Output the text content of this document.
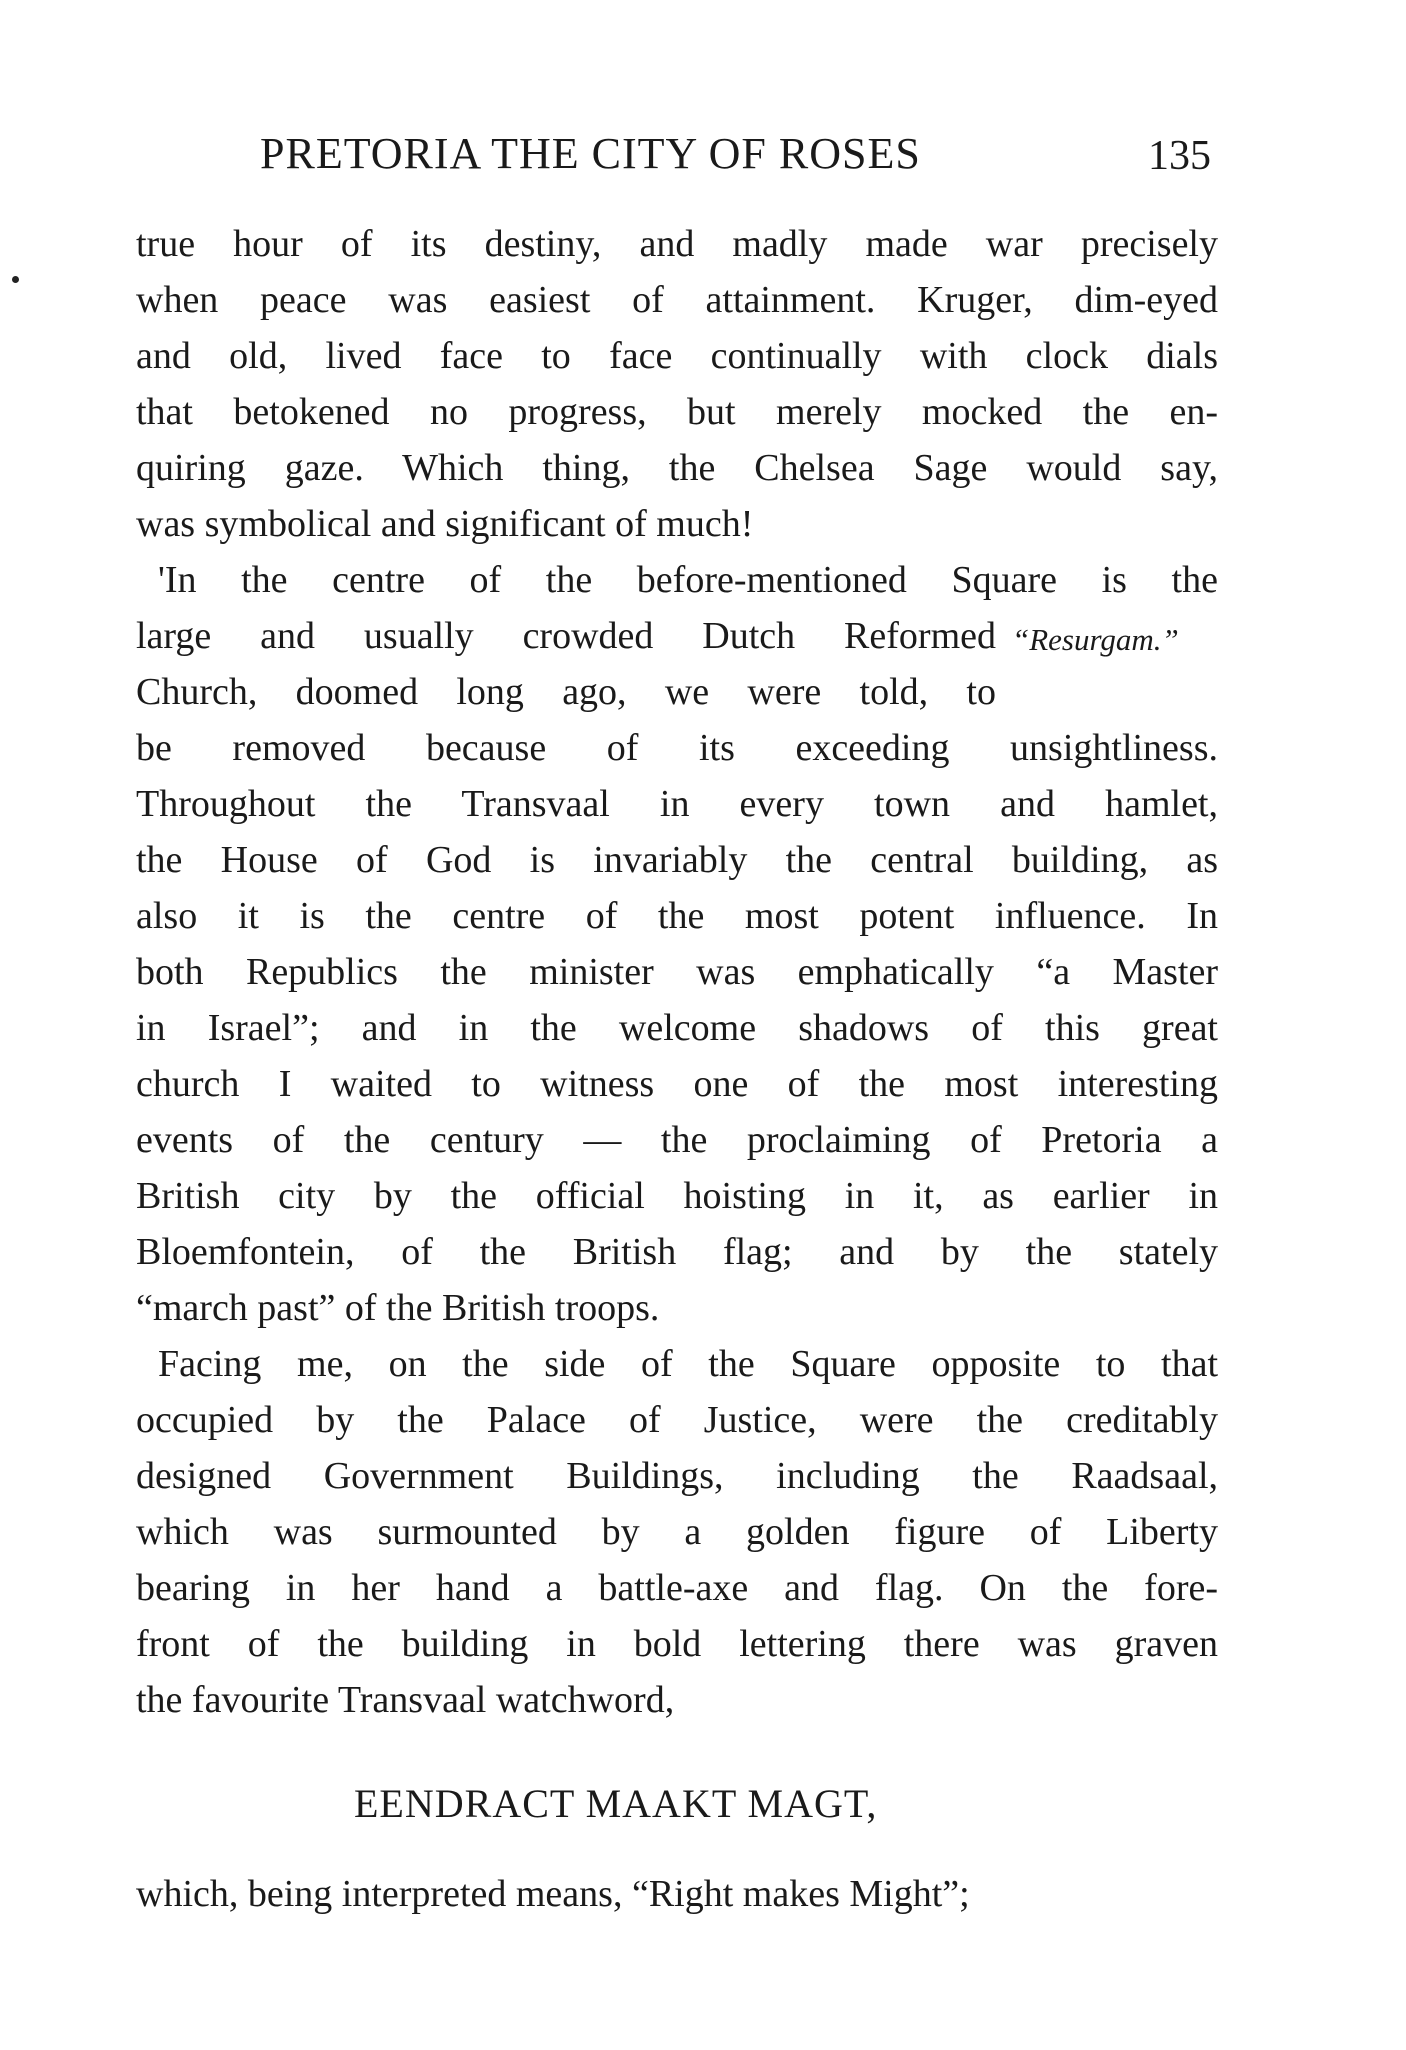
PRETORIA THE CITY OF ROSES	135
true hour of its destiny, and madly made war precisely
when peace was easiest of attainment. Kruger, dim-eyed
and old, lived face to face continually with clock dials
that betokened no progress, but merely mocked the en-
quiring gaze. Which thing, the Chelsea Sage would say,
was symbolical and significant of much!
'In the centre of the before-mentioned Square is the
large and usually crowded Dutch Reformed
Church, doomed long ago, we were told, to
be removed because of its exceeding unsightliness.
Throughout the Transvaal in every town and hamlet,
the House of God is invariably the central building, as
also it is the centre of the most potent influence. In
both Republics the minister was emphatically “a Master
in Israel”; and in the welcome shadows of this great
church I waited to witness one of the most interesting
events of the century — the proclaiming of Pretoria a
British city by the official hoisting in it, as earlier in
Bloemfontein, of the British flag; and by the stately
“march past” of the British troops.
“Resurgam.”
Facing me, on the side of the Square opposite to that
occupied by the Palace of Justice, were the creditably
designed Government Buildings, including the Raadsaal,
which was surmounted by a golden figure of Liberty
bearing in her hand a battle-axe and flag. On the fore-
front of the building in bold lettering there was graven
the favourite Transvaal watchword,
EENDRACT MAAKT MAGT,
which, being interpreted means, “Right makes Might”;
